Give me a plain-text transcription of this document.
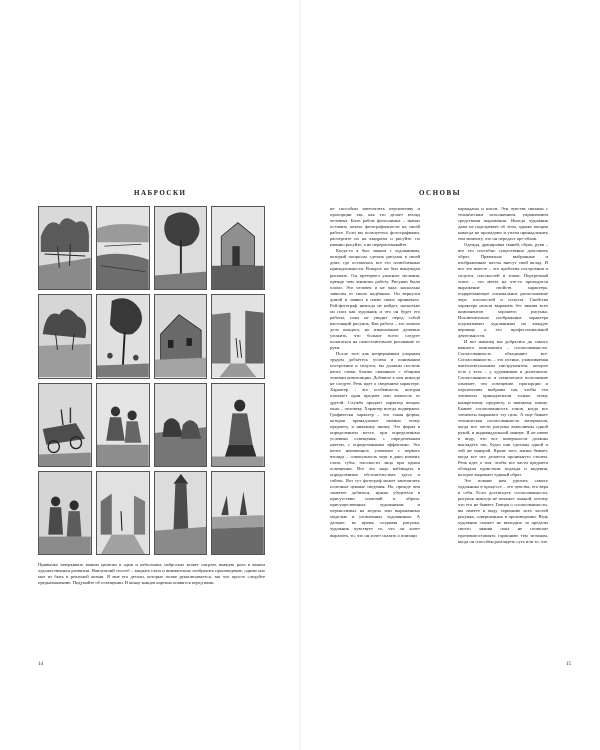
НАБРОСКИ
Привычка зачеркивать вашим цвоичка в одни и небольших набросках может сыграть важную роль в вашем художественном развитии. Наилучший способ – закрыть глаза и внимательно изобразить произведение, одним оно мое из быть в реальной жизни. Я мне его детали, которые позже рукописывается, так что просто следуйте предназначению. Подумайте об освещении. В конце концов картина появится перед вами.
14
ОСНОВЫ

не способны запечатлеть перспективу и пропорции так, как это делает взгляд человека. Быть рабом фотоснимка – значит оставить печать фотографичности на своей работе. Если вы пользуетесь фотографиями, расчертите их на квадраты и рисуйте, по именно рисуйте, а не перерисовывайте.

Когда-то я был знаком с художником, который попросил сделать рисунок в своей доме, где оставалась все его излюбленные принадлежности. Вскорое же был вынужден рисовать. Он претерпел ужасные мучения, прежде чем закончил работу. Рисунки были плохи. Это человек и не знал, насколько зависим от своих надёжных. Он вернулся домой и заявил в гневе своих привычках. Рай-фотограф никогда не найдет, насколько он плох как художник и что он будет его работы, пока не увидит перед собой настоящий рисунок. Как работа – это личное дело каждого, но изначальные душевно уложить, что больше всего следует полагаться на самостоятельное рисование от руки.

После того как непрерывным упорным трудом добьетесь успеха в понимании построения и силуэта, вы должны постичь нечто очень близко связанное с общими этапами композиции. Добавьте к чем никогда не следует. Речь идет о сведением характере. Характер – это особенность, которая отличает один предмет или личность от другой. Служба придает характер вещам, окно – человеку. Характер всегда подвержен. Графически характер – это такая форма, которая принадлежит именно этому предмету, и никакому иному. Это форма в определенном месте, при определенных условиях освещения, с определенным цветом, с определенными эффектами. Это нечто неизменное, уловимое с первого взгляда – совокупность черт в дано момент, глаза, губы, плоскости лица при одном освещении. Все это надо наблюдать в определенных обстоятельствах здесь и сейчас. Вот тут фотограф может запечатлеть полезные ценные сведения. Но, прежде чем захватит добиться, нужно убедиться в присутствии иллюзий и образа, присущественных художникам и переносимых на модель или выраженных моделью и уловленных художником. А дальше, во время создания рисунка, художник чувствует то, что он хочет выразить, то, что он хочет сказать о помощи

карандаша и кисти. Эти чувства связаны с техническим исполнением, управлением средствами выражения. Иногда художник даже не подозревает об этом, однако эмоции никогда не пропадают и уплен принадлежать том моменту, что он передаст арт-облик.

Одежда, драпировка тканей, обувь, руки – все это способно существенно дополнить образ. Правильно выбранные и изображенные жесты внесут свой вклад. И все это вместе – это проблема построения и силуэта, плоскостей и тонов. Портретный эскиз – это мечта на что-то приходится выражение свойств характера, подкрепляющее оптимальное расположение черт, плоскостей и силуэта. Свойства характера нельзя выражать без знания всех компонентов хорошего рисунка. Исключительно изображение характера подсказывает художникам на каждую вершину к его профессиональной деятельности.

И вот наконец мы добрались до самого важного компонента – согласованности. Согласованность объединяет все. Согласованность – это истина, улавливаемая интеллектуальным инструментом, которое есть у всех – у художников и дилетантов. Согласованность и техническое исполнение означает, что освещение, пропорции и перспектива выбраны так, чтобы эти элементы принадлежали только этому конкретному предмету, и никакому иному. Бывает согласованность тонов, когда все элементы выражают эту цель. А еще бывает техническая согласованность материалов, когда все части рисунка выполнены одной рукой, в индивидуальной манере. Я не имею в виду, что все поверхности должны выглядеть так, будто они сделаны одной и той же манерой. Кроме того, жизнь бывает, когда все что делается проникнуто стилем. Речь идет о том, чтобы все части предмета обладали единством подхода и видения, которое выражает единый образ.

Это помнят нам уделить самого художника в процессе – это чувства, его вера в себя. Если достигнуть согласованности, рисунок никогда не покажет ложной, потому что его не бывает. Говоря о согласованности, вы имеете в виду гармонию всех частей рисунка, совершенных в произведении. Ведь художник сможет не выходить за пределы своего знания пока не позволит противопоставлять гармонию тем истинам, когда он способен разглядеть суть или то, что

15
